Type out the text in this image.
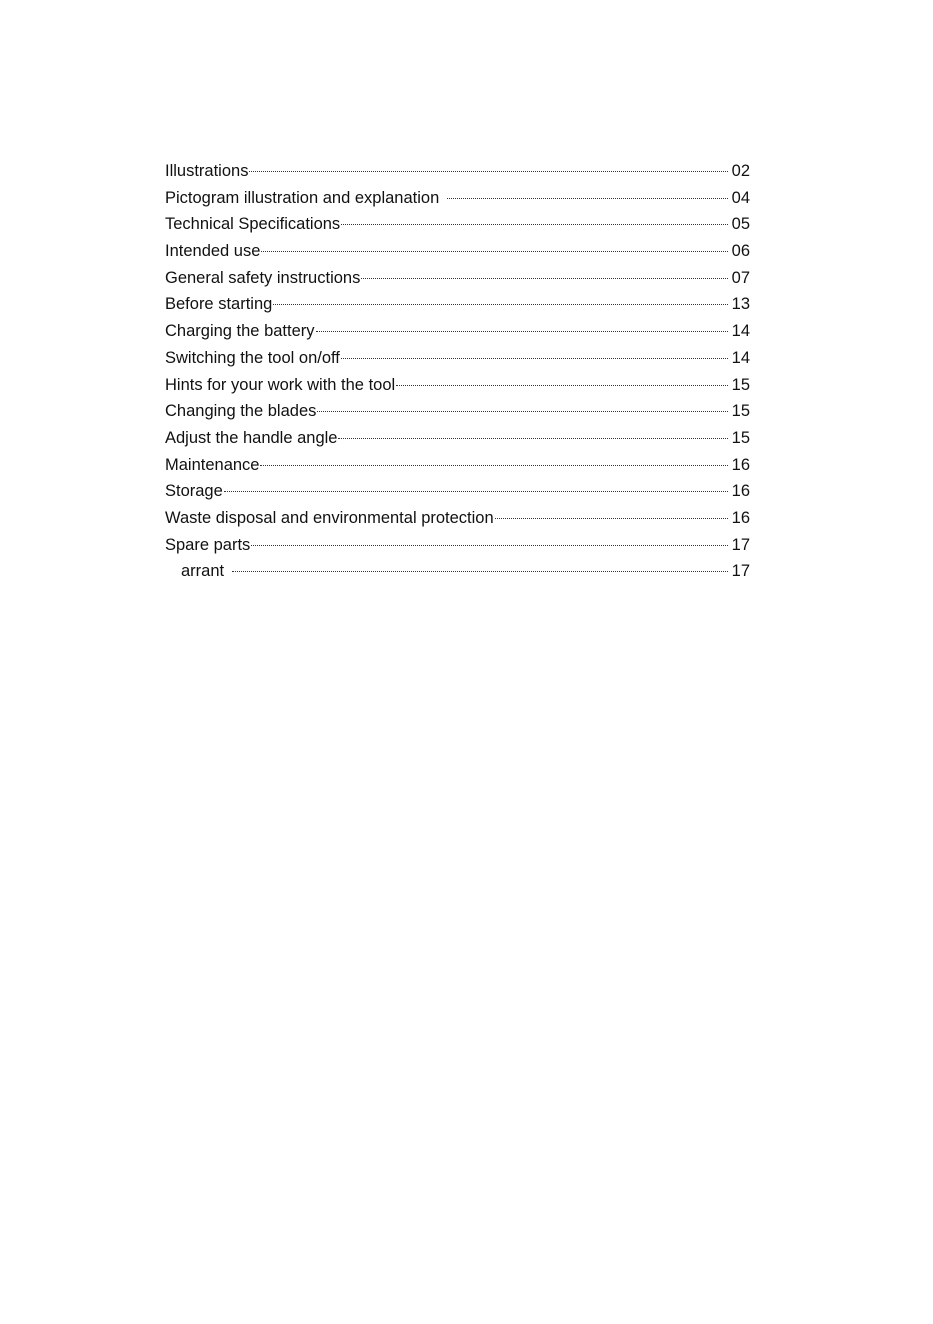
Illustrations	02
Pictogram illustration and explanation	04
Technical Specifications	05
Intended use	06
General safety instructions	07
Before starting	13
Charging the battery	14
Switching the tool on/off	14
Hints for your work with the tool	15
Changing the blades	15
Adjust the handle angle	15
Maintenance	16
Storage	16
Waste disposal and environmental protection	16
Spare parts	17
arrant	17
